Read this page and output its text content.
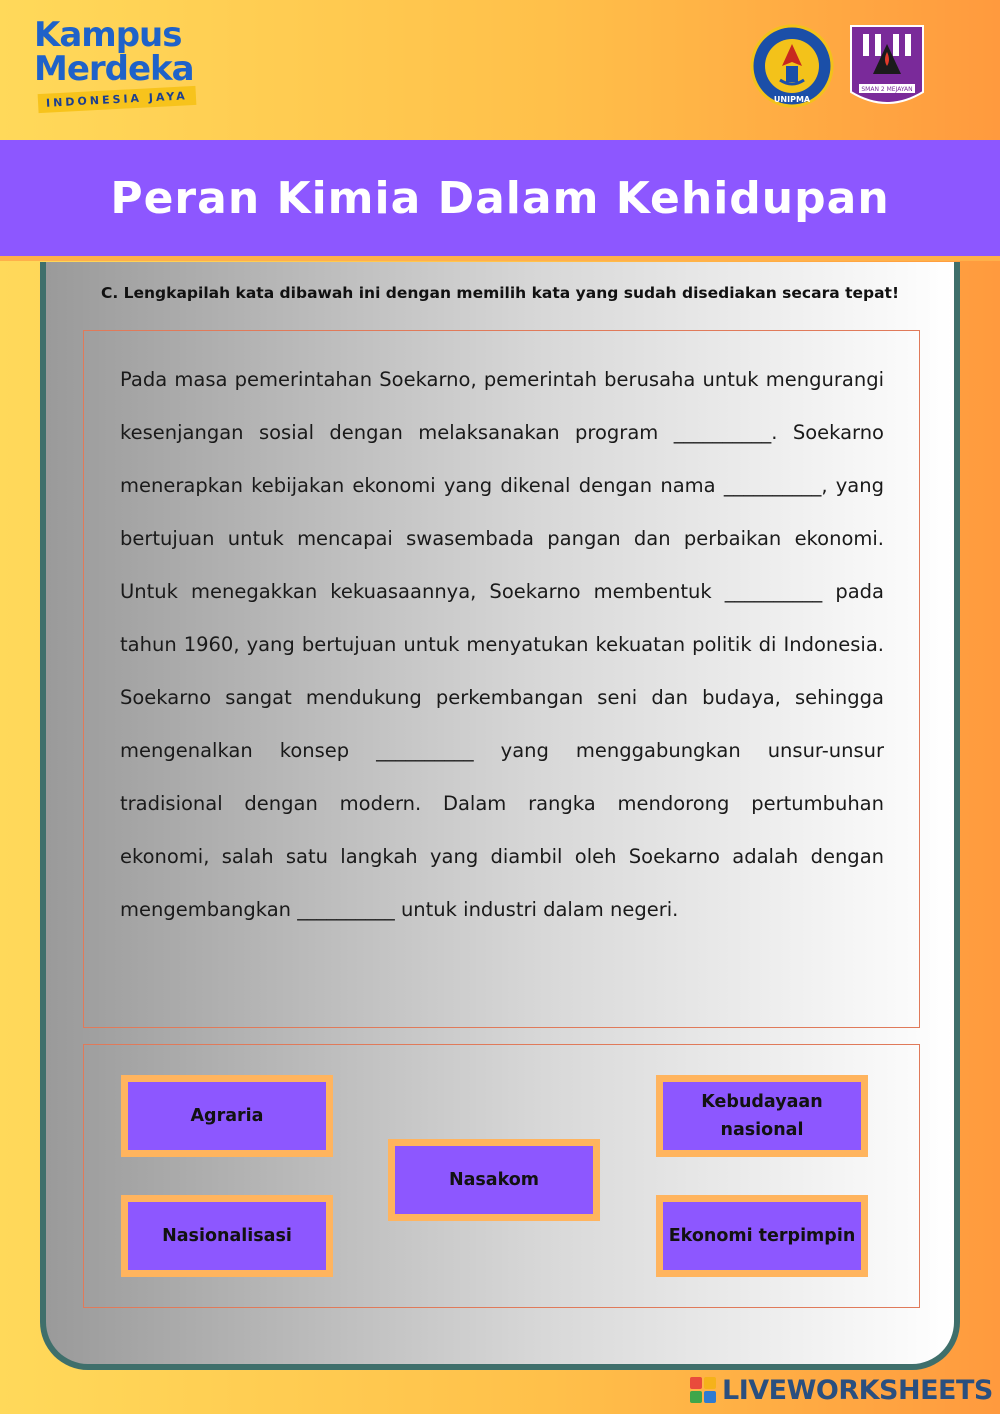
Kampus
Merdeka
INDONESIA JAYA	UNIPMA
SMAN 2 MEJAYAN
Peran Kimia Dalam Kehidupan
C. Lengkapilah kata dibawah ini dengan memilih kata yang sudah disediakan secara tepat!

Pada masa pemerintahan Soekarno, pemerintah berusaha untuk mengurangi kesenjangan sosial dengan melaksanakan program __________. Soekarno menerapkan kebijakan ekonomi yang dikenal dengan nama __________, yang bertujuan untuk mencapai swasembada pangan dan perbaikan ekonomi. Untuk menegakkan kekuasaannya, Soekarno membentuk __________ pada tahun 1960, yang bertujuan untuk menyatukan kekuatan politik di Indonesia. Soekarno sangat mendukung perkembangan seni dan budaya, sehingga mengenalkan konsep __________ yang menggabungkan unsur-unsur tradisional dengan modern. Dalam rangka mendorong pertumbuhan ekonomi, salah satu langkah yang diambil oleh Soekarno adalah dengan mengembangkan __________ untuk industri dalam negeri.

Agraria
Nasionalisasi
Nasakom
Kebudayaan nasional
Ekonomi terpimpin
LIVEWORKSHEETS
